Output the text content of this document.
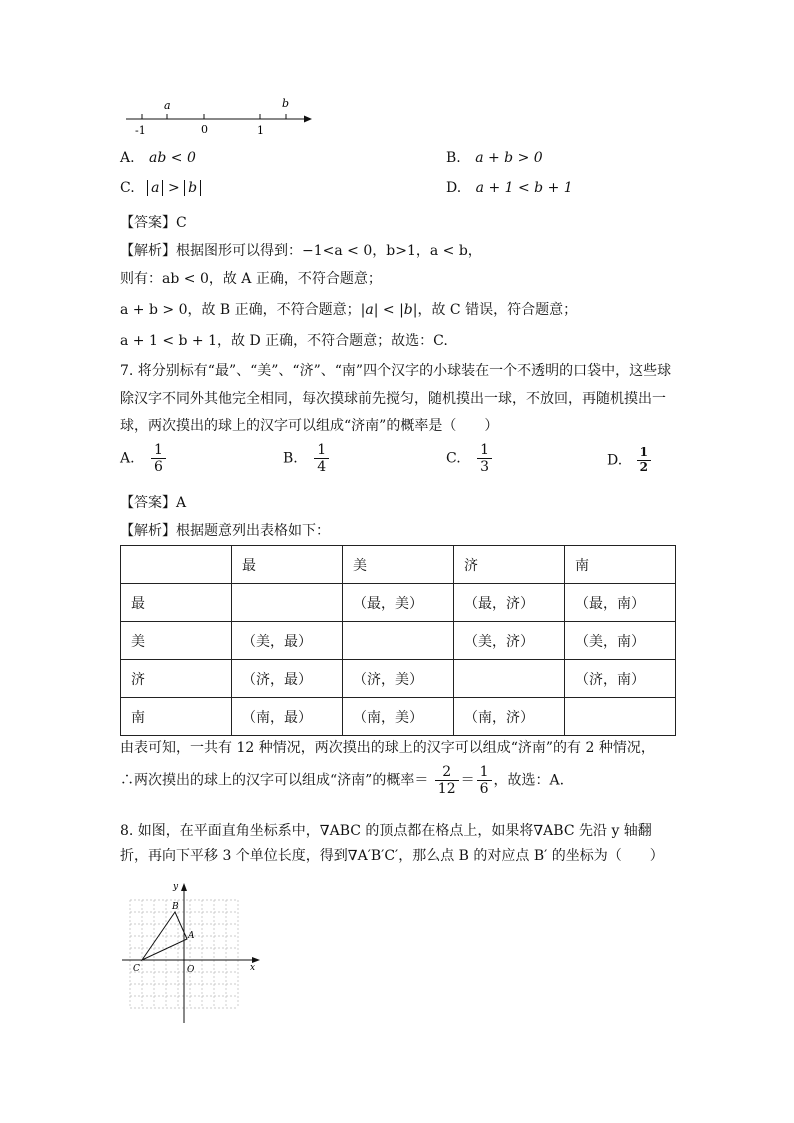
a	b
-1	0	1
A. ab < 0	B. a + b > 0
C. a > b	D. a + 1 < b + 1
【答案】C
【解析】根据图形可以得到：−1<a < 0，b>1，a < b，
则有：ab < 0，故 A 正确，不符合题意；
a + b > 0，故 B 正确，不符合题意；|a| < |b|，故 C 错误，符合题意；
a + 1 < b + 1，故 D 正确，不符合题意；故选：C.
7. 将分别标有“最”、“美”、“济”、“南”四个汉字的小球装在一个不透明的口袋中，这些球
除汉字不同外其他完全相同，每次摸球前先搅匀，随机摸出一球，不放回，再随机摸出一
球，两次摸出的球上的汉字可以组成“济南”的概率是（　　）
A. $\frac{1}{6}$	B. $\frac{1}{4}$	C. $\frac{1}{3}$	D. $\frac{1}{2}$
【答案】A
【解析】根据题意列出表格如下：
	最	美	济	南
最		（最，美）	（最，济）	（最，南）
美	（美，最）		（美，济）	（美，南）
济	（济，最）	（济，美）		（济，南）
南	（南，最）	（南，美）	（南，济）	
由表可知，一共有 12 种情况，两次摸出的球上的汉字可以组成“济南”的有 2 种情况，
∴两次摸出的球上的汉字可以组成“济南”的概率＝ $\frac{2}{12} = \frac{1}{6}$ ，故选：A.
8. 如图，在平面直角坐标系中，∇ABC 的顶点都在格点上，如果将∇ABC 先沿 y 轴翻
折，再向下平移 3 个单位长度，得到∇A′B′C′，那么点 B 的对应点 B′ 的坐标为（　　）
x
y
O
A
B
C
